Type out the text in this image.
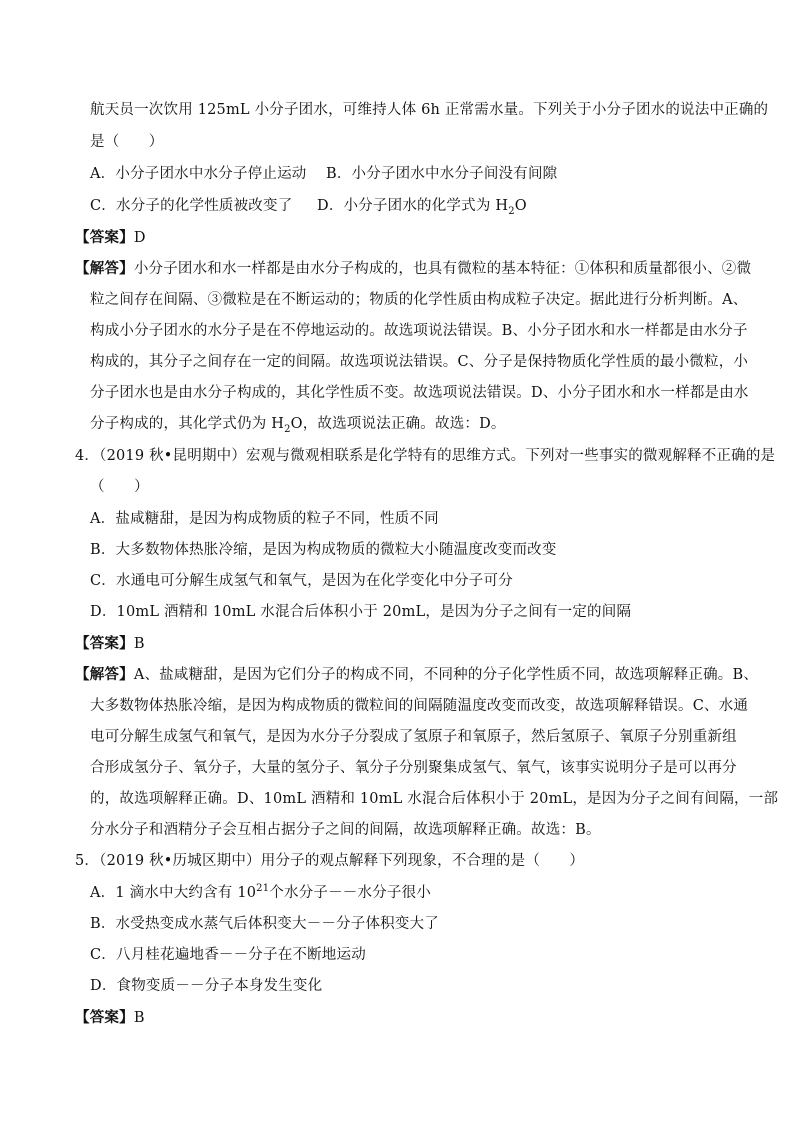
航天员一次饮用 125mL 小分子团水，可维持人体 6h 正常需水量。下列关于小分子团水的说法中正确的
是（　　）
A．小分子团水中水分子停止运动 B．小分子团水中水分子间没有间隙
C．水分子的化学性质被改变了 D．小分子团水的化学式为 $H_2O$
【答案】D
【解答】小分子团水和水一样都是由水分子构成的，也具有微粒的基本特征：①体积和质量都很小、②微
粒之间存在间隔、③微粒是在不断运动的；物质的化学性质由构成粒子决定。据此进行分析判断。A、
构成小分子团水的水分子是在不停地运动的。故选项说法错误。B、小分子团水和水一样都是由水分子
构成的，其分子之间存在一定的间隔。故选项说法错误。C、分子是保持物质化学性质的最小微粒，小
分子团水也是由水分子构成的，其化学性质不变。故选项说法错误。D、小分子团水和水一样都是由水
分子构成的，其化学式仍为 $H_2O$，故选项说法正确。故选：D。
4．（2019 秋•昆明期中）宏观与微观相联系是化学特有的思维方式。下列对一些事实的微观解释不正确的是
（　　）
A．盐咸糖甜，是因为构成物质的粒子不同，性质不同
B．大多数物体热胀冷缩，是因为构成物质的微粒大小随温度改变而改变
C．水通电可分解生成氢气和氧气，是因为在化学变化中分子可分
D．10mL 酒精和 10mL 水混合后体积小于 20mL，是因为分子之间有一定的间隔
【答案】B
【解答】A、盐咸糖甜，是因为它们分子的构成不同，不同种的分子化学性质不同，故选项解释正确。B、
大多数物体热胀冷缩，是因为构成物质的微粒间的间隔随温度改变而改变，故选项解释错误。C、水通
电可分解生成氢气和氧气，是因为水分子分裂成了氢原子和氧原子，然后氢原子、氧原子分别重新组
合形成氢分子、氧分子，大量的氢分子、氧分子分别聚集成氢气、氧气，该事实说明分子是可以再分
的，故选项解释正确。D、10mL 酒精和 10mL 水混合后体积小于 20mL，是因为分子之间有间隔，一部
分水分子和酒精分子会互相占据分子之间的间隔，故选项解释正确。故选：B。
5．（2019 秋•历城区期中）用分子的观点解释下列现象，不合理的是（　　）
A．1 滴水中大约含有 $10^{21}$个水分子－－水分子很小
B．水受热变成水蒸气后体积变大－－分子体积变大了
C．八月桂花遍地香－－分子在不断地运动
D．食物变质－－分子本身发生变化
【答案】B
